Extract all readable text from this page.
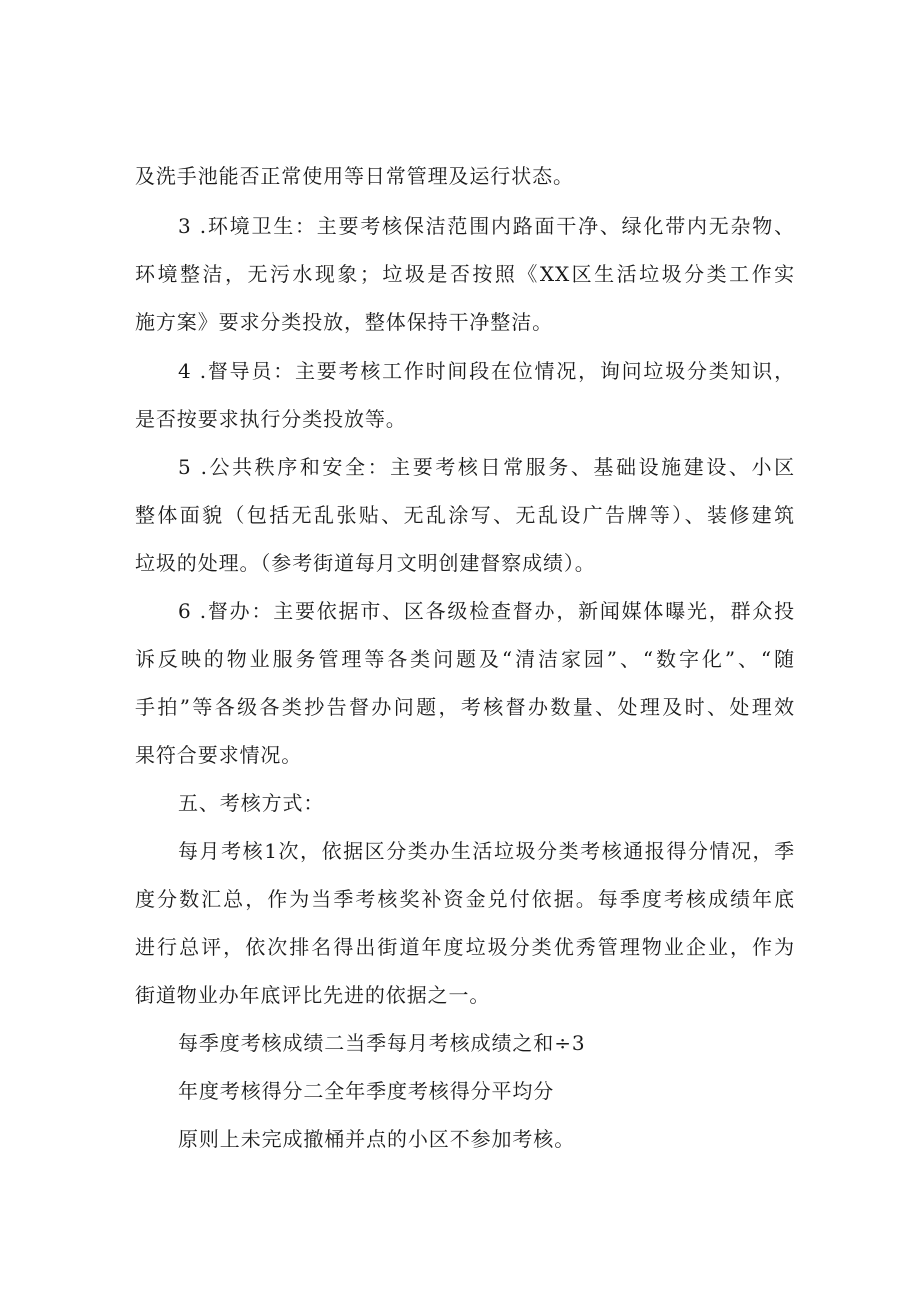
及洗手池能否正常使用等日常管理及运行状态。
3 .环境卫生：主要考核保洁范围内路面干净、绿化带内无杂物、
环境整洁，无污水现象；垃圾是否按照《XX区生活垃圾分类工作实
施方案》要求分类投放，整体保持干净整洁。
4 .督导员：主要考核工作时间段在位情况，询问垃圾分类知识，
是否按要求执行分类投放等。
5 .公共秩序和安全：主要考核日常服务、基础设施建设、小区
整体面貌（包括无乱张贴、无乱涂写、无乱设广告牌等）、装修建筑
垃圾的处理。（参考街道每月文明创建督察成绩）。
6 .督办：主要依据市、区各级检查督办，新闻媒体曝光，群众投
诉反映的物业服务管理等各类问题及“清洁家园”、“数字化”、“随
手拍”等各级各类抄告督办问题，考核督办数量、处理及时、处理效
果符合要求情况。
五、考核方式：
每月考核1次，依据区分类办生活垃圾分类考核通报得分情况，季
度分数汇总，作为当季考核奖补资金兑付依据。每季度考核成绩年底
进行总评，依次排名得出街道年度垃圾分类优秀管理物业企业，作为
街道物业办年底评比先进的依据之一。
每季度考核成绩二当季每月考核成绩之和÷3
年度考核得分二全年季度考核得分平均分
原则上未完成撤桶并点的小区不参加考核。
